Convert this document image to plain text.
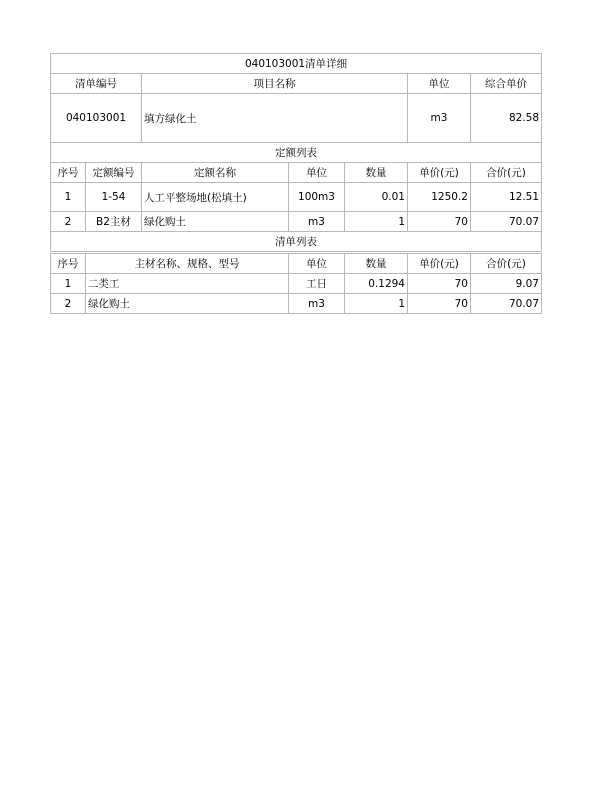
040103001清单详细						
清单编号		项目名称			单位	综合单价
040103001		填方绿化土			m3	82.58
定额列表						
序号	定额编号	定额名称	单位	数量	单价(元)	合价(元)
1	1-54	人工平整场地(松填土)	100m3	0.01	1250.2	12.51
2	B2主材	绿化购土	m3	1	70	70.07
清单列表						
序号	主材名称、规格、型号	单位	数量	单价(元)	合价(元)
1	二类工	工日	0.1294	70	9.07
2	绿化购土	m3	1	70	70.07
